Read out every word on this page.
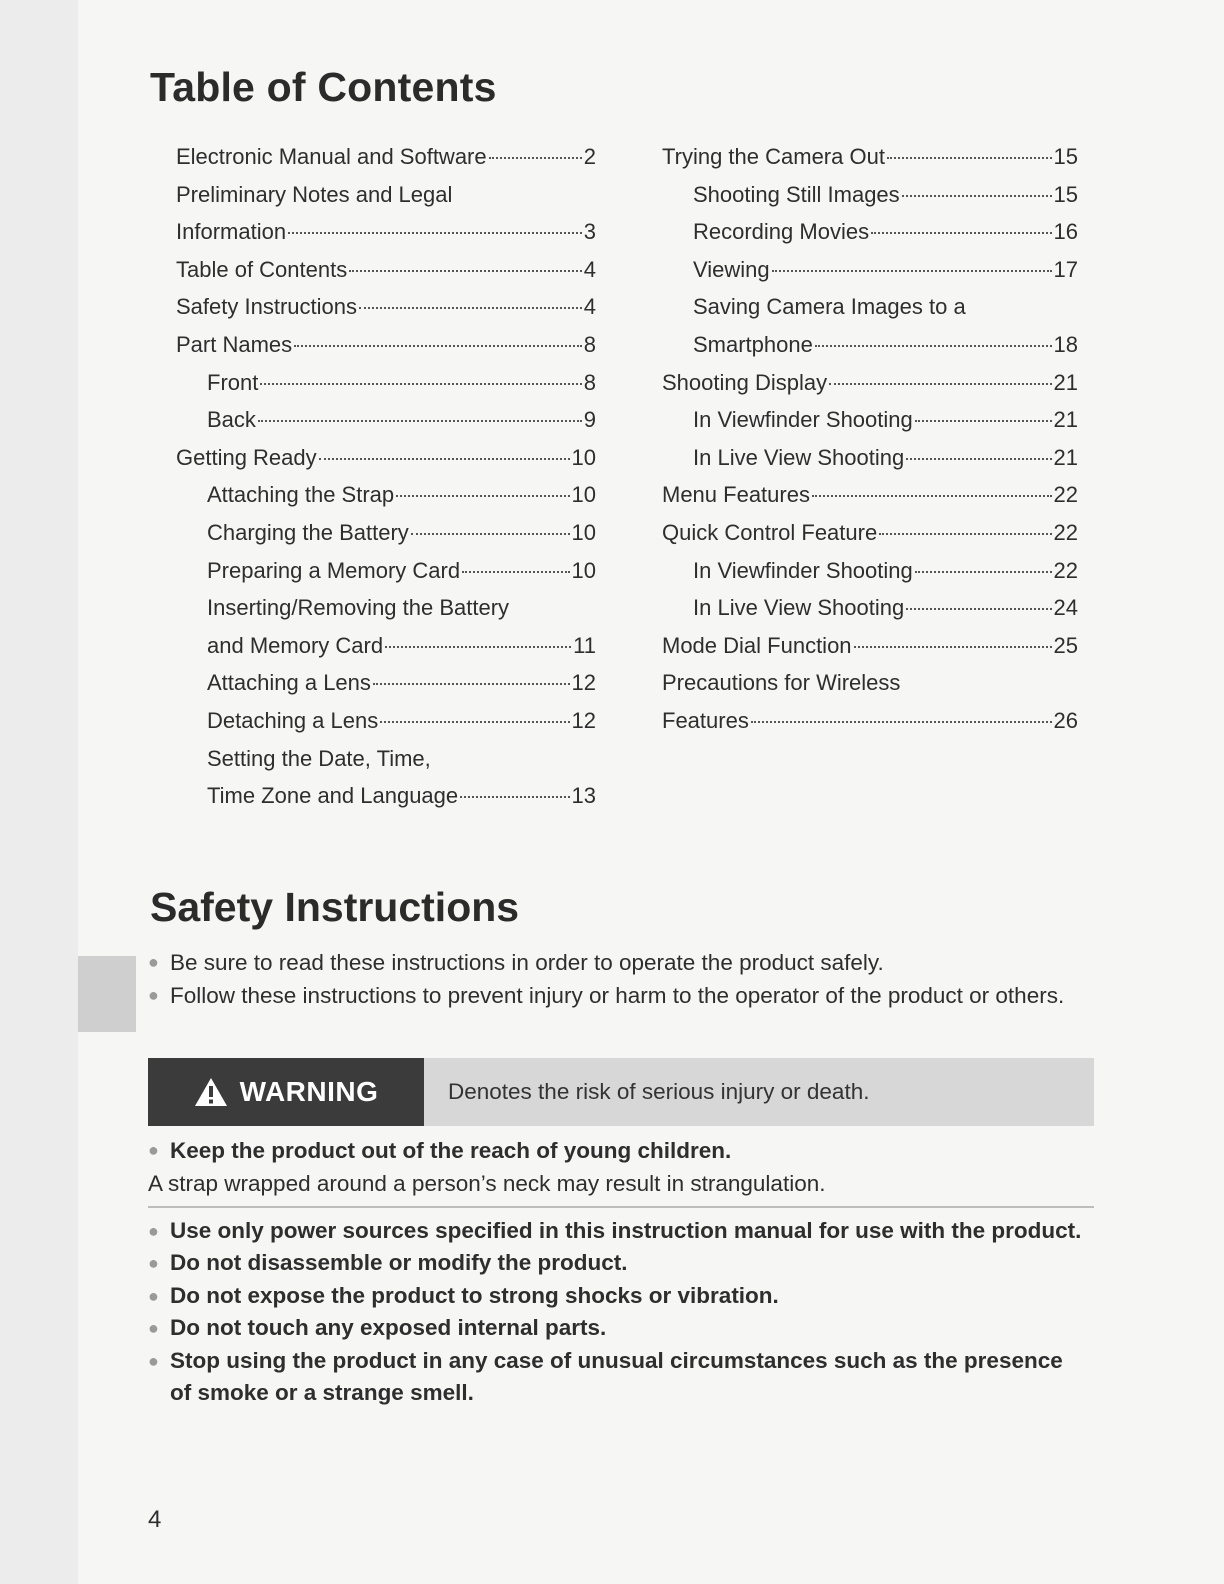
Table of Contents
Electronic Manual and Software	2
Preliminary Notes and Legal
Information	3
Table of Contents	4
Safety Instructions	4
Part Names	8
Front	8
Back	9
Getting Ready	10
Attaching the Strap	10
Charging the Battery	10
Preparing a Memory Card	10
Inserting/Removing the Battery
and Memory Card	11
Attaching a Lens	12
Detaching a Lens	12
Setting the Date, Time,
Time Zone and Language	13
Trying the Camera Out	15
Shooting Still Images	15
Recording Movies	16
Viewing	17
Saving Camera Images to a
Smartphone	18
Shooting Display	21
In Viewfinder Shooting	21
In Live View Shooting	21
Menu Features	22
Quick Control Feature	22
In Viewfinder Shooting	22
In Live View Shooting	24
Mode Dial Function	25
Precautions for Wireless
Features	26
Safety Instructions
● Be sure to read these instructions in order to operate the product safely.
● Follow these instructions to prevent injury or harm to the operator of the product or others.
WARNING	Denotes the risk of serious injury or death.
● Keep the product out of the reach of young children.
A strap wrapped around a person’s neck may result in strangulation.
● Use only power sources specified in this instruction manual for use with the product.
● Do not disassemble or modify the product.
● Do not expose the product to strong shocks or vibration.
● Do not touch any exposed internal parts.
● Stop using the product in any case of unusual circumstances such as the presence of smoke or a strange smell.
4
